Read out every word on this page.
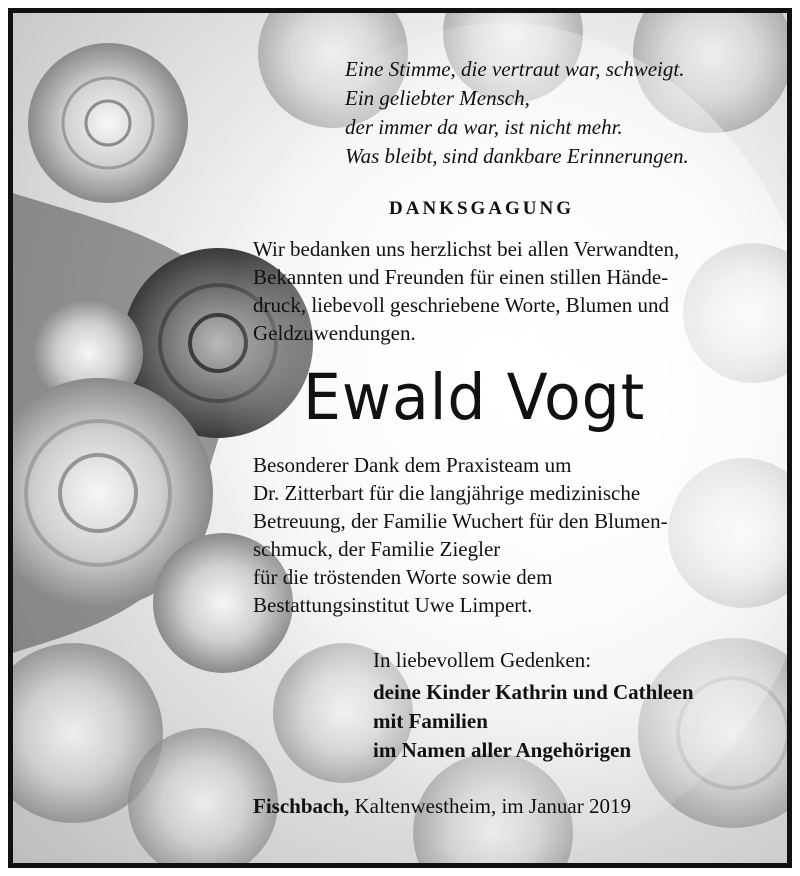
Eine Stimme, die vertraut war, schweigt.
Ein geliebter Mensch,
der immer da war, ist nicht mehr.
Was bleibt, sind dankbare Erinnerungen.
DANKSGAGUNG
Wir bedanken uns herzlichst bei allen Verwandten,
Bekannten und Freunden für einen stillen Hände-
druck, liebevoll geschriebene Worte, Blumen und
Geldzuwendungen.
Ewald Vogt
Besonderer Dank dem Praxisteam um
Dr. Zitterbart für die langjährige medizinische
Betreuung, der Familie Wuchert für den Blumen-
schmuck, der Familie Ziegler
für die tröstenden Worte sowie dem
Bestattungsinstitut Uwe Limpert.
In liebevollem Gedenken:
deine Kinder Kathrin und Cathleen
mit Familien
im Namen aller Angehörigen
Fischbach, Kaltenwestheim, im Januar 2019
